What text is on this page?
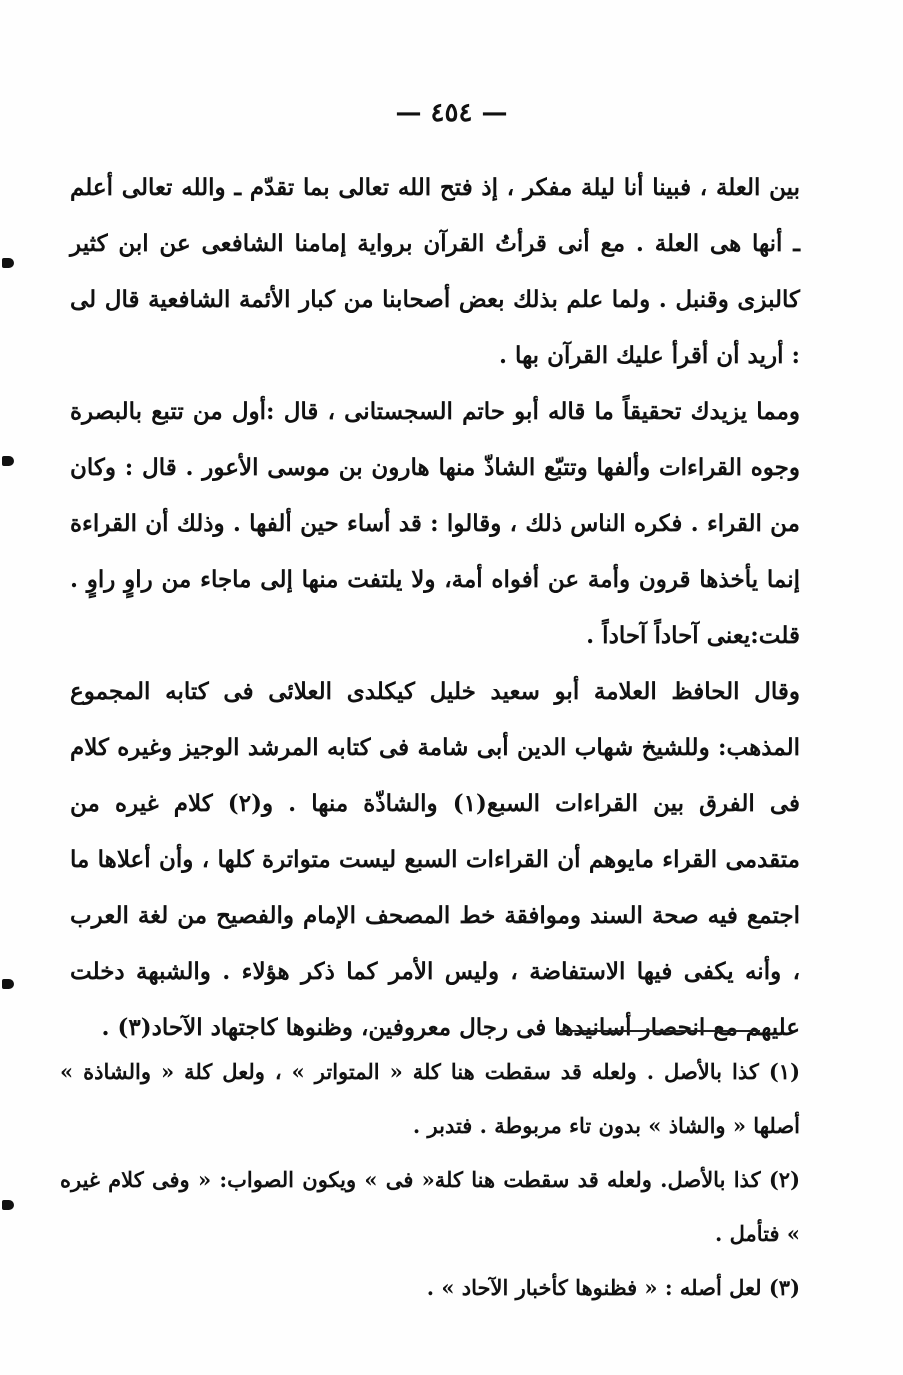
— ٤٥٤ —

بين العلة ، فبينا أنا ليلة مفكر ، إذ فتح الله تعالى بما تقدّم ـ والله تعالى أعلم ـ أنها هى العلة . مع أنى قرأتُ القرآن برواية إمامنا الشافعى عن ابن كثير كالبزى وقنبل . ولما علم بذلك بعض أصحابنا من كبار الأئمة الشافعية قال لى : أريد أن أقرأ عليك القرآن بها .

ومما يزيدك تحقيقاً ما قاله أبو حاتم السجستانى ، قال :أول من تتبع بالبصرة وجوه القراءات وألفها وتتبّع الشاذّ منها هارون بن موسى الأعور . قال : وكان من القراء . فكره الناس ذلك ، وقالوا : قد أساء حين ألفها . وذلك أن القراءة إنما يأخذها قرون وأمة عن أفواه أمة، ولا يلتفت منها إلى ماجاء من راوٍ راوٍ . قلت:يعنى آحاداً آحاداً .

وقال الحافظ العلامة أبو سعيد خليل كيكلدى العلائى فى كتابه المجموع المذهب: وللشيخ شهاب الدين أبى شامة فى كتابه المرشد الوجيز وغيره كلام فى الفرق بين القراءات السبع(١) والشاذّة منها . و(٢) كلام غيره من متقدمى القراء مايوهم أن القراءات السبع ليست متواترة كلها ، وأن أعلاها ما اجتمع فيه صحة السند وموافقة خط المصحف الإمام والفصيح من لغة العرب ، وأنه يكفى فيها الاستفاضة ، وليس الأمر كما ذكر هؤلاء . والشبهة دخلت عليهم مع انحصار أسانيدها فى رجال معروفين، وظنوها كاجتهاد الآحاد(٣) .

(١) كذا بالأصل . ولعله قد سقطت هنا كلة « المتواتر » ، ولعل كلة « والشاذة » أصلها « والشاذ » بدون تاء مربوطة . فتدبر .

(٢) كذا بالأصل. ولعله قد سقطت هنا كلة« فى » ويكون الصواب: « وفى كلام غيره » فتأمل .

(٣) لعل أصله : « فظنوها كأخبار الآحاد » .
